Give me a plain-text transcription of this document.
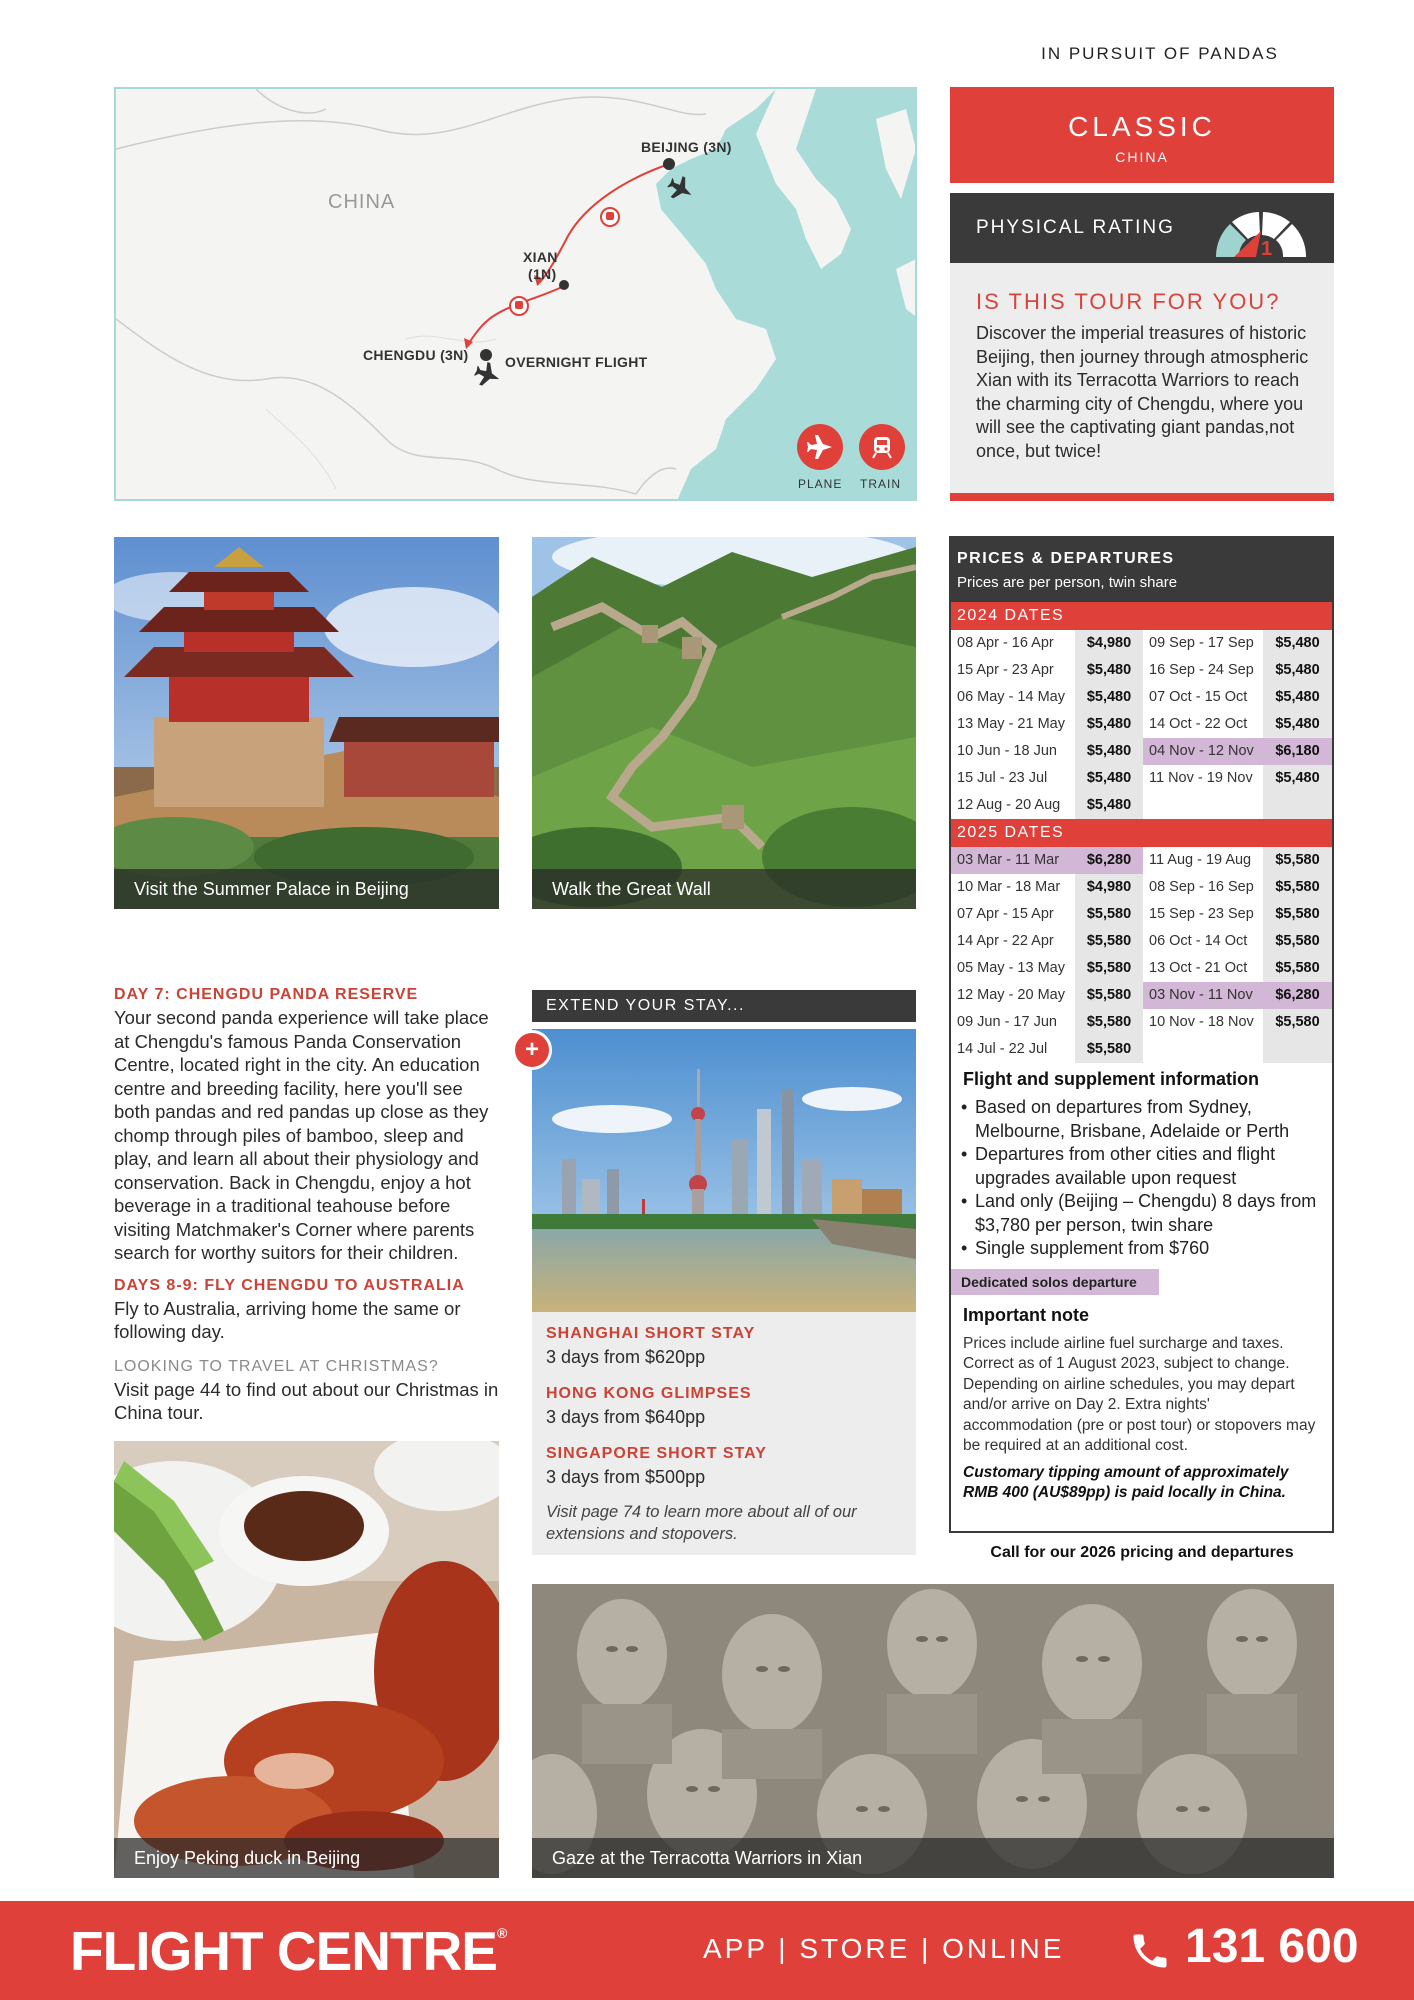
IN PURSUIT OF PANDAS
CHINA
BEIJING (3N)
XIAN
(1N)
CHENGDU (3N)	OVERNIGHT FLIGHT
PLANE TRAIN
CLASSIC
CHINA
PHYSICAL RATING
1
IS THIS TOUR FOR YOU?

Discover the imperial treasures of historic Beijing, then journey through atmospheric Xian with its Terracotta Warriors to reach the charming city of Chengdu, where you will see the captivating giant pandas,not once, but twice!

Visit the Summer Palace in Beijing	Walk the Great Wall
PRICES & DEPARTURES
Prices are per person, twin share
2024 DATES
08 Apr - 16 Apr	$4,980	09 Sep - 17 Sep	$5,480
15 Apr - 23 Apr	$5,480	16 Sep - 24 Sep	$5,480
06 May - 14 May	$5,480	07 Oct - 15 Oct	$5,480
13 May - 21 May	$5,480	14 Oct - 22 Oct	$5,480
10 Jun - 18 Jun	$5,480	04 Nov - 12 Nov	$6,180
15 Jul - 23 Jul	$5,480	11 Nov - 19 Nov	$5,480
12 Aug - 20 Aug	$5,480
2025 DATES
03 Mar - 11 Mar	$6,280	11 Aug - 19 Aug	$5,580
10 Mar - 18 Mar	$4,980	08 Sep - 16 Sep	$5,580
07 Apr - 15 Apr	$5,580	15 Sep - 23 Sep	$5,580
14 Apr - 22 Apr	$5,580	06 Oct - 14 Oct	$5,580
05 May - 13 May	$5,580	13 Oct - 21 Oct	$5,580
12 May - 20 May	$5,580	03 Nov - 11 Nov	$6,280
09 Jun - 17 Jun	$5,580	10 Nov - 18 Nov	$5,580
14 Jul - 22 Jul	$5,580
Flight and supplement information
• Based on departures from Sydney, Melbourne, Brisbane, Adelaide or Perth
• Departures from other cities and flight upgrades available upon request
• Land only (Beijing – Chengdu) 8 days from $3,780 per person, twin share
• Single supplement from $760
Dedicated solos departure
Important note
Prices include airline fuel surcharge and taxes. Correct as of 1 August 2023, subject to change. Depending on airline schedules, you may depart and/or arrive on Day 2. Extra nights' accommodation (pre or post tour) or stopovers may be required at an additional cost.
Customary tipping amount of approximately RMB 400 (AU$89pp) is paid locally in China.
Call for our 2026 pricing and departures
DAY 7: CHENGDU PANDA RESERVE
Your second panda experience will take place at Chengdu's famous Panda Conservation Centre, located right in the city. An education centre and breeding facility, here you'll see both pandas and red pandas up close as they chomp through piles of bamboo, sleep and play, and learn all about their physiology and conservation. Back in Chengdu, enjoy a hot beverage in a traditional teahouse before visiting Matchmaker's Corner where parents search for worthy suitors for their children.
DAYS 8-9: FLY CHENGDU TO AUSTRALIA
Fly to Australia, arriving home the same or following day.
LOOKING TO TRAVEL AT CHRISTMAS?
Visit page 44 to find out about our Christmas in China tour.
EXTEND YOUR STAY...
+
SHANGHAI SHORT STAY
3 days from $620pp
HONG KONG GLIMPSES
3 days from $640pp
SINGAPORE SHORT STAY
3 days from $500pp
Visit page 74 to learn more about all of our extensions and stopovers.
Enjoy Peking duck in Beijing	Gaze at the Terracotta Warriors in Xian
FLIGHT CENTRE®	APP | STORE | ONLINE	131 600
